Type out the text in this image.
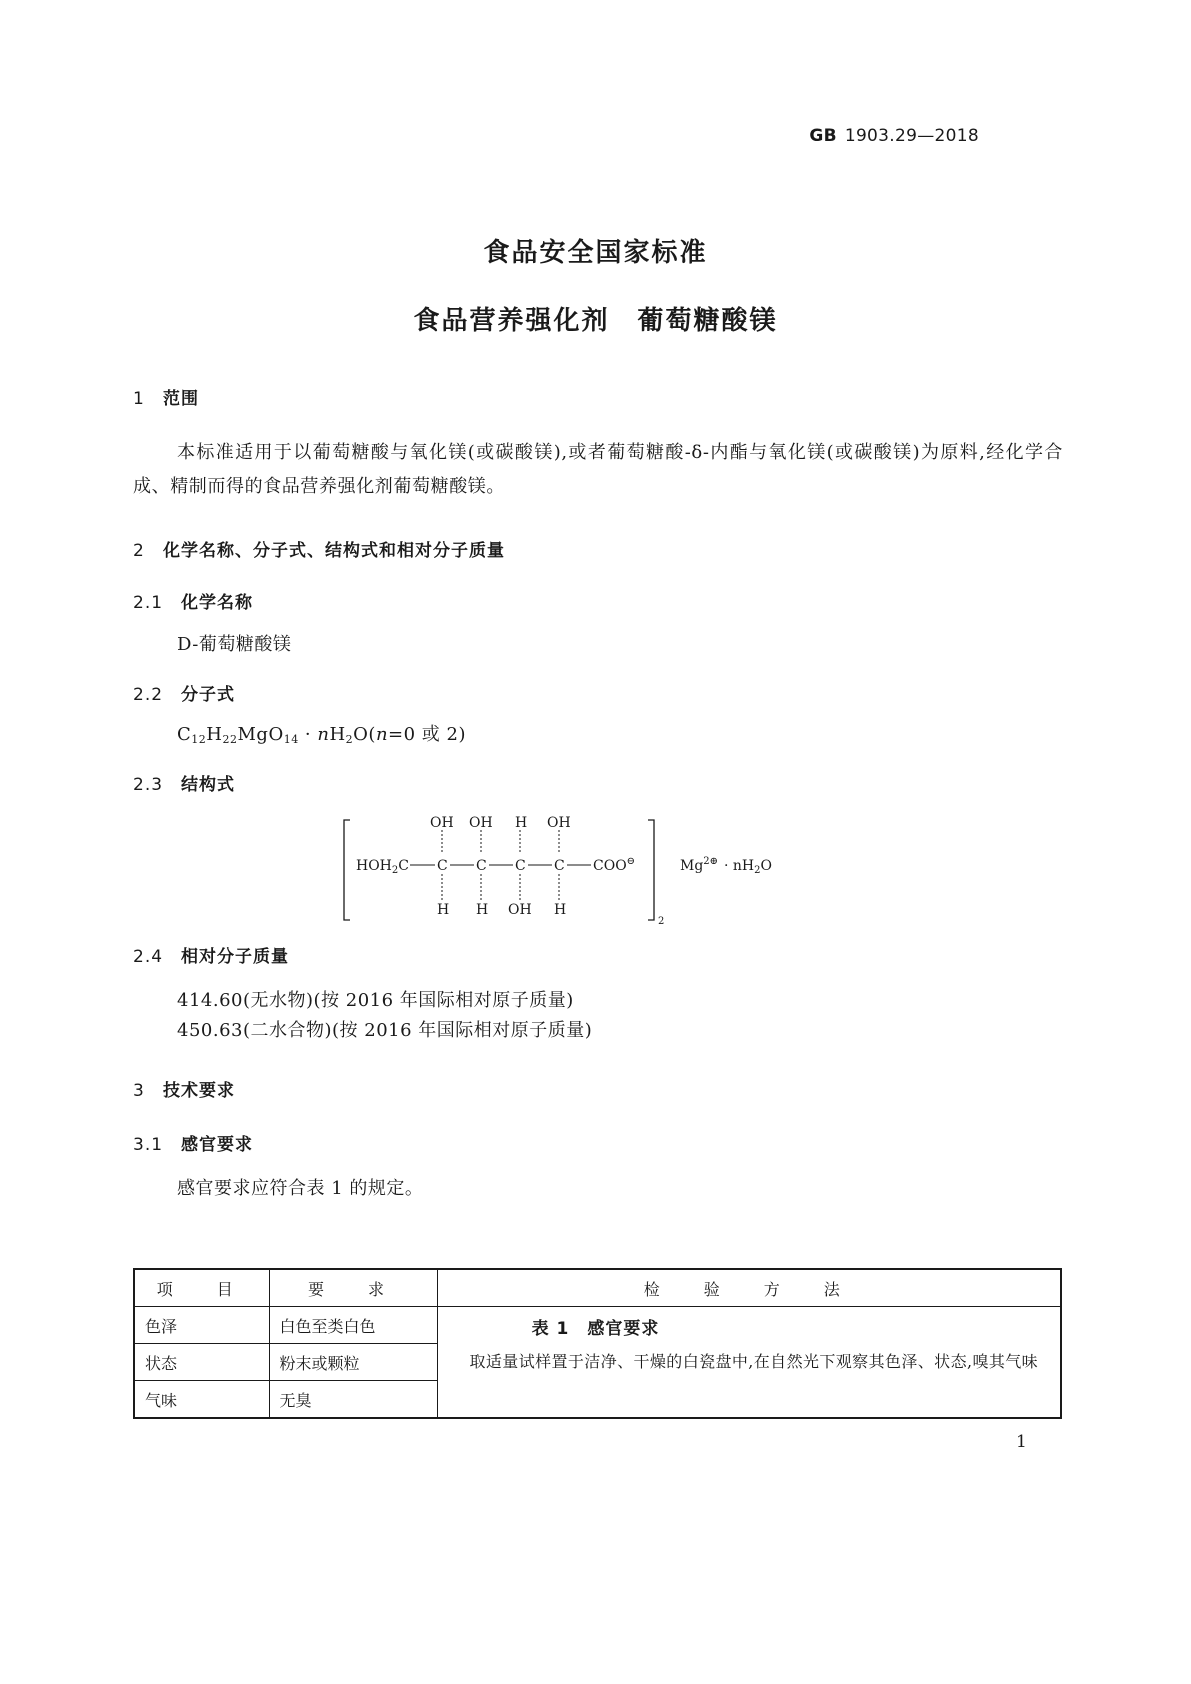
GB 1903.29—2018
食品安全国家标准
食品营养强化剂　葡萄糖酸镁
1 范围
本标准适用于以葡萄糖酸与氧化镁(或碳酸镁),或者葡萄糖酸-δ-内酯与氧化镁(或碳酸镁)为原料,经化学合成、精制而得的食品营养强化剂葡萄糖酸镁。
2 化学名称、分子式、结构式和相对分子质量
2.1 化学名称
D-葡萄糖酸镁
2.2 分子式
$C_{12}H_{22}MgO_{14} \cdot nH_2O(n=0$ 或 2)
2.3 结构式
2
$HOH_2C$ C C C C COO⊖
OH OH H OH
H H OH H
$Mg^{2\oplus} \cdot nH_2O$
2.4 相对分子质量
414.60(无水物)(按 2016 年国际相对原子质量)
450.63(二水合物)(按 2016 年国际相对原子质量)
3 技术要求
3.1 感官要求
感官要求应符合表 1 的规定。
表 1　感官要求
项　目	要　求	检　验　方　法
色泽	白色至类白色	取适量试样置于洁净、干燥的白瓷盘中,在自然光下观察其色泽、状态,嗅其气味
状态	粉末或颗粒	
气味	无臭	
1
